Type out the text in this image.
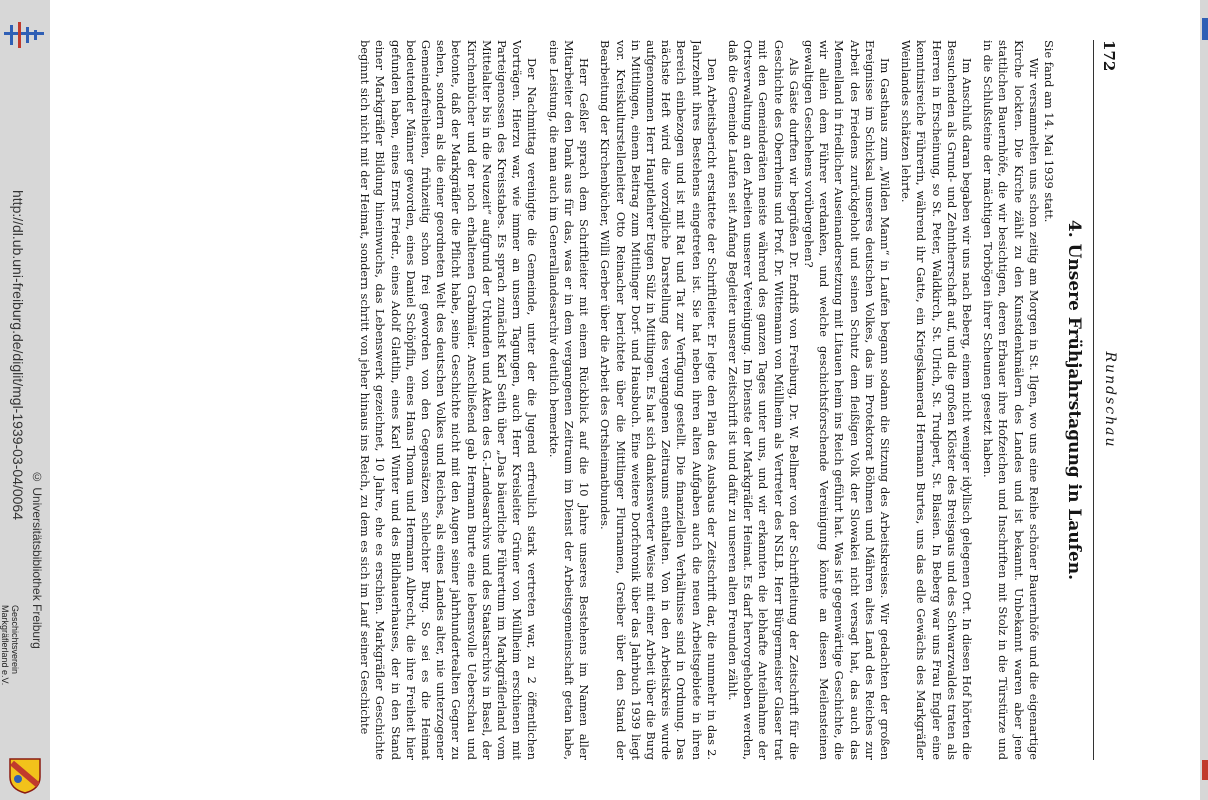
http://dl.ub.uni-freiburg.de/diglit/mgl-1939-03-04/0064
© Universitätsbibliothek Freiburg
Geschichtsverein
Markgräflerland e.V.
172
Rundschau
4. Unsere Frühjahrstagung in Laufen.

Sie fand am 14. Mai 1939 statt.

Wir versammelten uns schon zeitig am Morgen in St. Ilgen, wo uns eine Reihe schöner Bauernhöfe und die eigenartige Kirche lockten. Die Kirche zählt zu den Kunstdenkmälern des Landes und ist bekannt. Unbekannt waren aber jene stattlichen Bauernhöfe, die wir besichtigen, deren Erbauer ihre Hofzeichen und Inschriften mit Stolz in die Türstürze und in die Schlußsteine der mächtigen Torbögen ihrer Scheunen gesetzt haben.

Im Anschluß daran begaben wir uns nach Beberg, einem nicht weniger idyllisch gelegenen Ort. In diesen Hof hörten die Besuchenden als Grund- und Zehntherrschaft auf, und die großen Klöster des Breisgaus und des Schwarzwaldes traten als Herren in Erscheinung, so St. Peter, Waldkirch, St. Ulrich, St. Trudpert, St. Blasien. In Beberg war uns Frau Engler eine kenntnisreiche Führerin, während ihr Gatte, ein Kriegskamerad Hermann Burtes, uns das edle Gewächs des Markgräfler Weinlandes schätzen lehrte.

Im Gasthaus zum „Wilden Mann“ in Laufen begann sodann die Sitzung des Arbeitskreises. Wir gedachten der großen Ereignisse im Schicksal unseres deutschen Volkes, das im Protektorat Böhmen und Mähren altes Land des Reiches zur Arbeit des Friedens zurückgeholt und seinen Schutz dem fleißigen Volk der Slowakei nicht versagt hat, das auch das Memelland in friedlicher Auseinandersetzung mit Litauen heim ins Reich geführt hat. Was ist gegenwärtige Geschichte, die wir allein dem Führer verdanken, und welche geschichtsforschende Vereinigung könnte an diesen Meilensteinen gewaltigen Geschehens vorübergehen?

Als Gäste durften wir begrüßen Dr. Endriß von Freiburg, Dr. W. Bellmer von der Schriftleitung der Zeitschrift für die Geschichte des Oberrheins und Prof. Dr. Wittemann von Müllheim als Vertreter des NSLB. Herr Bürgermeister Glaser trat mit den Gemeinderäten meiste während des ganzen Tages unter uns, und wir erkannten die lebhafte Anteilnahme der Ortsverwaltung an den Arbeiten unserer Vereinigung. Im Dienste der Markgräfler Heimat. Es darf hervorgehoben werden, daß die Gemeinde Laufen seit Anfang Begleiter unserer Zeitschrift ist und dafür zu unseren alten Freunden zählt.

Den Arbeitsbericht erstattete der Schriftleiter. Er legte den Plan des Ausbaus der Zeitschrift dar, die nunmehr in das 2. Jahrzehnt ihres Bestehens eingetreten ist. Sie hat neben ihren alten Aufgaben auch die neuen Arbeitsgebiete in ihren Bereich einbezogen und ist mit Rat und Tat zur Verfügung gestellt. Die finanziellen Verhältnisse sind in Ordnung. Das nächste Heft wird die vorzügliche Darstellung des vergangenen Zeitraums enthalten. Von in den Arbeitskreis wurde aufgenommen Herr Hauptlehrer Eugen Sülz in Mittlingen. Es hat sich dankenswerter Weise mit einer Arbeit über die Burg in Mittlingen, einem Beitrag zum Mittlinger Dorf- und Hausbuch. Eine weitere Dorfchronik über das Jahrbuch 1939 liegt vor. Kreiskulturstellenleiter Otto Reinacher berichtete über die Mittlinger Flurnamen, Greiber über den Stand der Bearbeitung der Kirchenbücher, Willi Gerber über die Arbeit des Ortsheimatbundes.

Herr Geßler sprach dem Schriftleiter mit einem Rückblick auf die 10 Jahre unseres Bestehens im Namen aller Mitarbeiter den Dank aus für das, was er in dem vergangenen Zeitraum im Dienst der Arbeitsgemeinschaft getan habe, eine Leistung, die man auch im Generallandesarchiv deutlich bemerkte.

Der Nachmittag vereinigte die Gemeinde, unter der die Jugend erfreulich stark vertreten war, zu 2 öffentlichen Vorträgen. Hierzu war, wie immer an unsern Tagungen, auch Herr Kreisleiter Grüner von Müllheim erschienen mit Parteigenossen des Kreisstabes. Es sprach zunächst Karl Seith über „Das bäuerliche Führertum im Markgräflerland vom Mittelalter bis in die Neuzeit“ aufgrund der Urkunden und Akten des G.-Landesarchivs und des Staatsarchivs in Basel, der Kirchenbücher und der noch erhaltenen Grabmäler. Anschließend gab Hermann Burte eine lebensvolle Ueberschau und betonte, daß der Markgräfler die Pflicht habe, seine Geschichte nicht mit den Augen seiner jahrhundertealten Gegner zu sehen, sondern als die einer geordneten Welt des deutschen Volkes und Reiches, als eines Landes alter, nie unterzogener Gemeindefreiheiten, frühzeitig schon frei geworden von den Gegensätzen schlechter Burg. So sei es die Heimat bedeutender Männer geworden, eines Daniel Schöpflin, eines Hans Thoma und Hermann Albrecht, die ihre Freiheit hier gefunden haben, eines Ernst Friedr., eines Adolf Glattlin, eines Karl Winter und des Bildhauerhauses, der in den Stand einer Markgräfler Bildung hineinwuchs, das Lebenswerk gezeichnet, 10 Jahre, ehe es erschien. Markgräfler Geschichte beginnt sich nicht mit der Heimat, sondern schritt von jeher hinaus ins Reich, zu dem es sich im Lauf seiner Geschichte
